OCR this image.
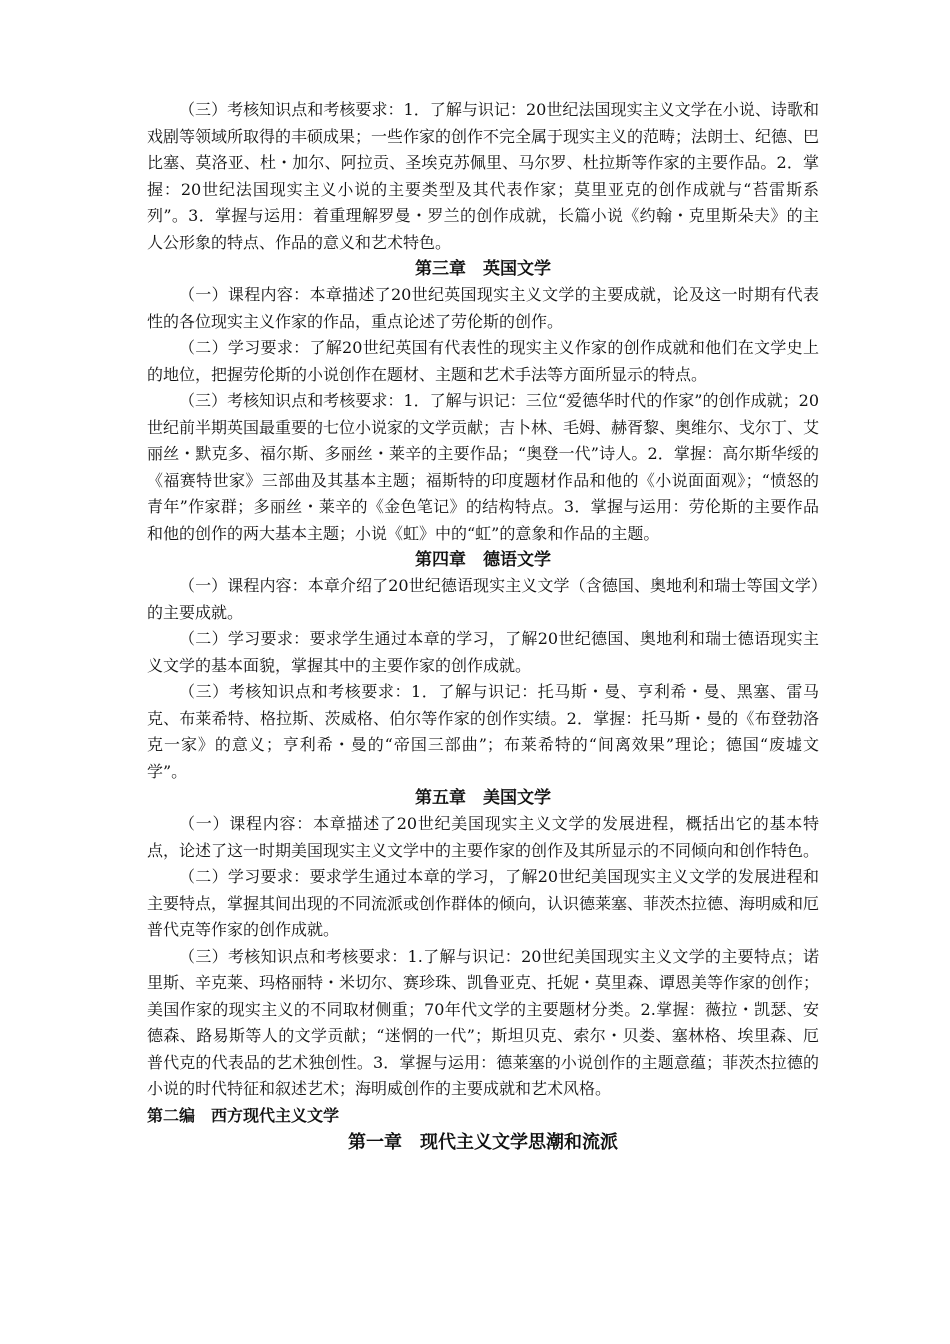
（三）考核知识点和考核要求：1．了解与识记：20世纪法国现实主义文学在小说、诗歌和戏剧等领域所取得的丰硕成果；一些作家的创作不完全属于现实主义的范畴；法朗士、纪德、巴比塞、莫洛亚、杜・加尔、阿拉贡、圣埃克苏佩里、马尔罗、杜拉斯等作家的主要作品。2．掌握：20世纪法国现实主义小说的主要类型及其代表作家；莫里亚克的创作成就与“苔雷斯系列”。3．掌握与运用：着重理解罗曼・罗兰的创作成就，长篇小说《约翰・克里斯朵夫》的主人公形象的特点、作品的意义和艺术特色。

第三章　英国文学

（一）课程内容：本章描述了20世纪英国现实主义文学的主要成就，论及这一时期有代表性的各位现实主义作家的作品，重点论述了劳伦斯的创作。

（二）学习要求：了解20世纪英国有代表性的现实主义作家的创作成就和他们在文学史上的地位，把握劳伦斯的小说创作在题材、主题和艺术手法等方面所显示的特点。

（三）考核知识点和考核要求：1．了解与识记：三位“爱德华时代的作家”的创作成就；20世纪前半期英国最重要的七位小说家的文学贡献；吉卜林、毛姆、赫胥黎、奥维尔、戈尔丁、艾丽丝・默克多、福尔斯、多丽丝・莱辛的主要作品；“奥登一代”诗人。2．掌握：高尔斯华绥的《福赛特世家》三部曲及其基本主题；福斯特的印度题材作品和他的《小说面面观》；“愤怒的青年”作家群；多丽丝・莱辛的《金色笔记》的结构特点。3．掌握与运用：劳伦斯的主要作品和他的创作的两大基本主题；小说《虹》中的“虹”的意象和作品的主题。

第四章　德语文学

（一）课程内容：本章介绍了20世纪德语现实主义文学（含德国、奥地利和瑞士等国文学）的主要成就。

（二）学习要求：要求学生通过本章的学习，了解20世纪德国、奥地利和瑞士德语现实主义文学的基本面貌，掌握其中的主要作家的创作成就。

（三）考核知识点和考核要求：1．了解与识记：托马斯・曼、亨利希・曼、黑塞、雷马克、布莱希特、格拉斯、茨威格、伯尔等作家的创作实绩。2．掌握：托马斯・曼的《布登勃洛克一家》的意义；亨利希・曼的“帝国三部曲”；布莱希特的“间离效果”理论；德国“废墟文学”。

第五章　美国文学

（一）课程内容：本章描述了20世纪美国现实主义文学的发展进程，概括出它的基本特点，论述了这一时期美国现实主义文学中的主要作家的创作及其所显示的不同倾向和创作特色。

（二）学习要求：要求学生通过本章的学习，了解20世纪美国现实主义文学的发展进程和主要特点，掌握其间出现的不同流派或创作群体的倾向，认识德莱塞、菲茨杰拉德、海明威和厄普代克等作家的创作成就。

（三）考核知识点和考核要求：1.了解与识记：20世纪美国现实主义文学的主要特点；诺里斯、辛克莱、玛格丽特・米切尔、赛珍珠、凯鲁亚克、托妮・莫里森、谭恩美等作家的创作；美国作家的现实主义的不同取材侧重；70年代文学的主要题材分类。2.掌握：薇拉・凯瑟、安德森、路易斯等人的文学贡献；“迷惘的一代”；斯坦贝克、索尔・贝娄、塞林格、埃里森、厄普代克的代表品的艺术独创性。3．掌握与运用：德莱塞的小说创作的主题意蕴；菲茨杰拉德的小说的时代特征和叙述艺术；海明威创作的主要成就和艺术风格。

第二编　西方现代主义文学
第一章　现代主义文学思潮和流派
